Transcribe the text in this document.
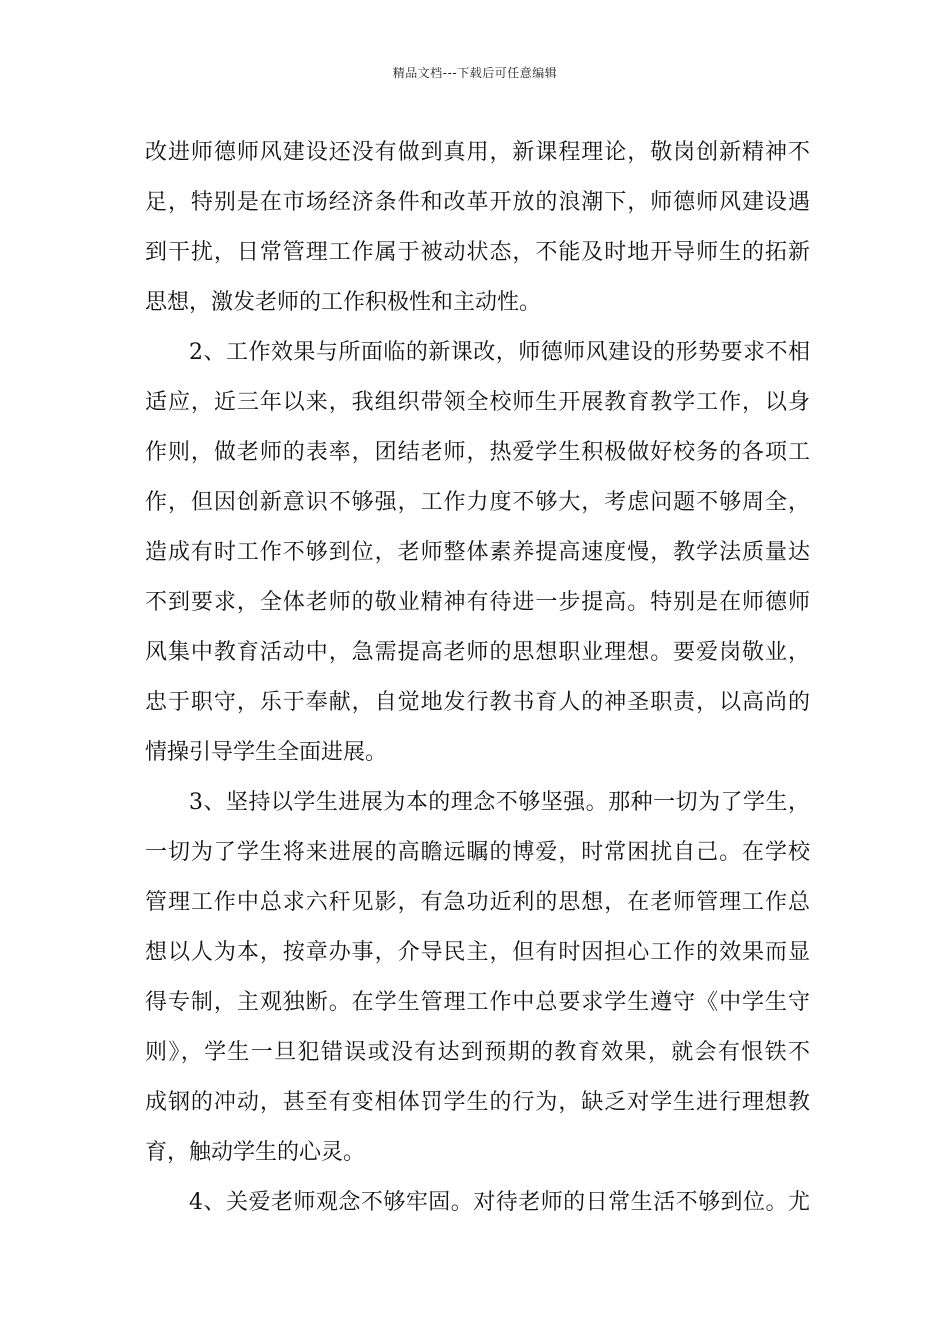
精品文档---下载后可任意编辑
改进师德师风建设还没有做到真用，新课程理论，敬岗创新精神不
足，特别是在市场经济条件和改革开放的浪潮下，师德师风建设遇
到干扰，日常管理工作属于被动状态，不能及时地开导师生的拓新
思想，激发老师的工作积极性和主动性。
2、工作效果与所面临的新课改，师德师风建设的形势要求不相
适应，近三年以来，我组织带领全校师生开展教育教学工作，以身
作则，做老师的表率，团结老师，热爱学生积极做好校务的各项工
作，但因创新意识不够强，工作力度不够大，考虑问题不够周全，
造成有时工作不够到位，老师整体素养提高速度慢，教学法质量达
不到要求，全体老师的敬业精神有待进一步提高。特别是在师德师
风集中教育活动中，急需提高老师的思想职业理想。要爱岗敬业，
忠于职守，乐于奉献，自觉地发行教书育人的神圣职责，以高尚的
情操引导学生全面进展。
3、坚持以学生进展为本的理念不够坚强。那种一切为了学生，
一切为了学生将来进展的高瞻远瞩的博爱，时常困扰自己。在学校
管理工作中总求六秆见影，有急功近利的思想，在老师管理工作总
想以人为本，按章办事，介导民主，但有时因担心工作的效果而显
得专制，主观独断。在学生管理工作中总要求学生遵守《中学生守
则》，学生一旦犯错误或没有达到预期的教育效果，就会有恨铁不
成钢的冲动，甚至有变相体罚学生的行为，缺乏对学生进行理想教
育，触动学生的心灵。
4、关爱老师观念不够牢固。对待老师的日常生活不够到位。尤
